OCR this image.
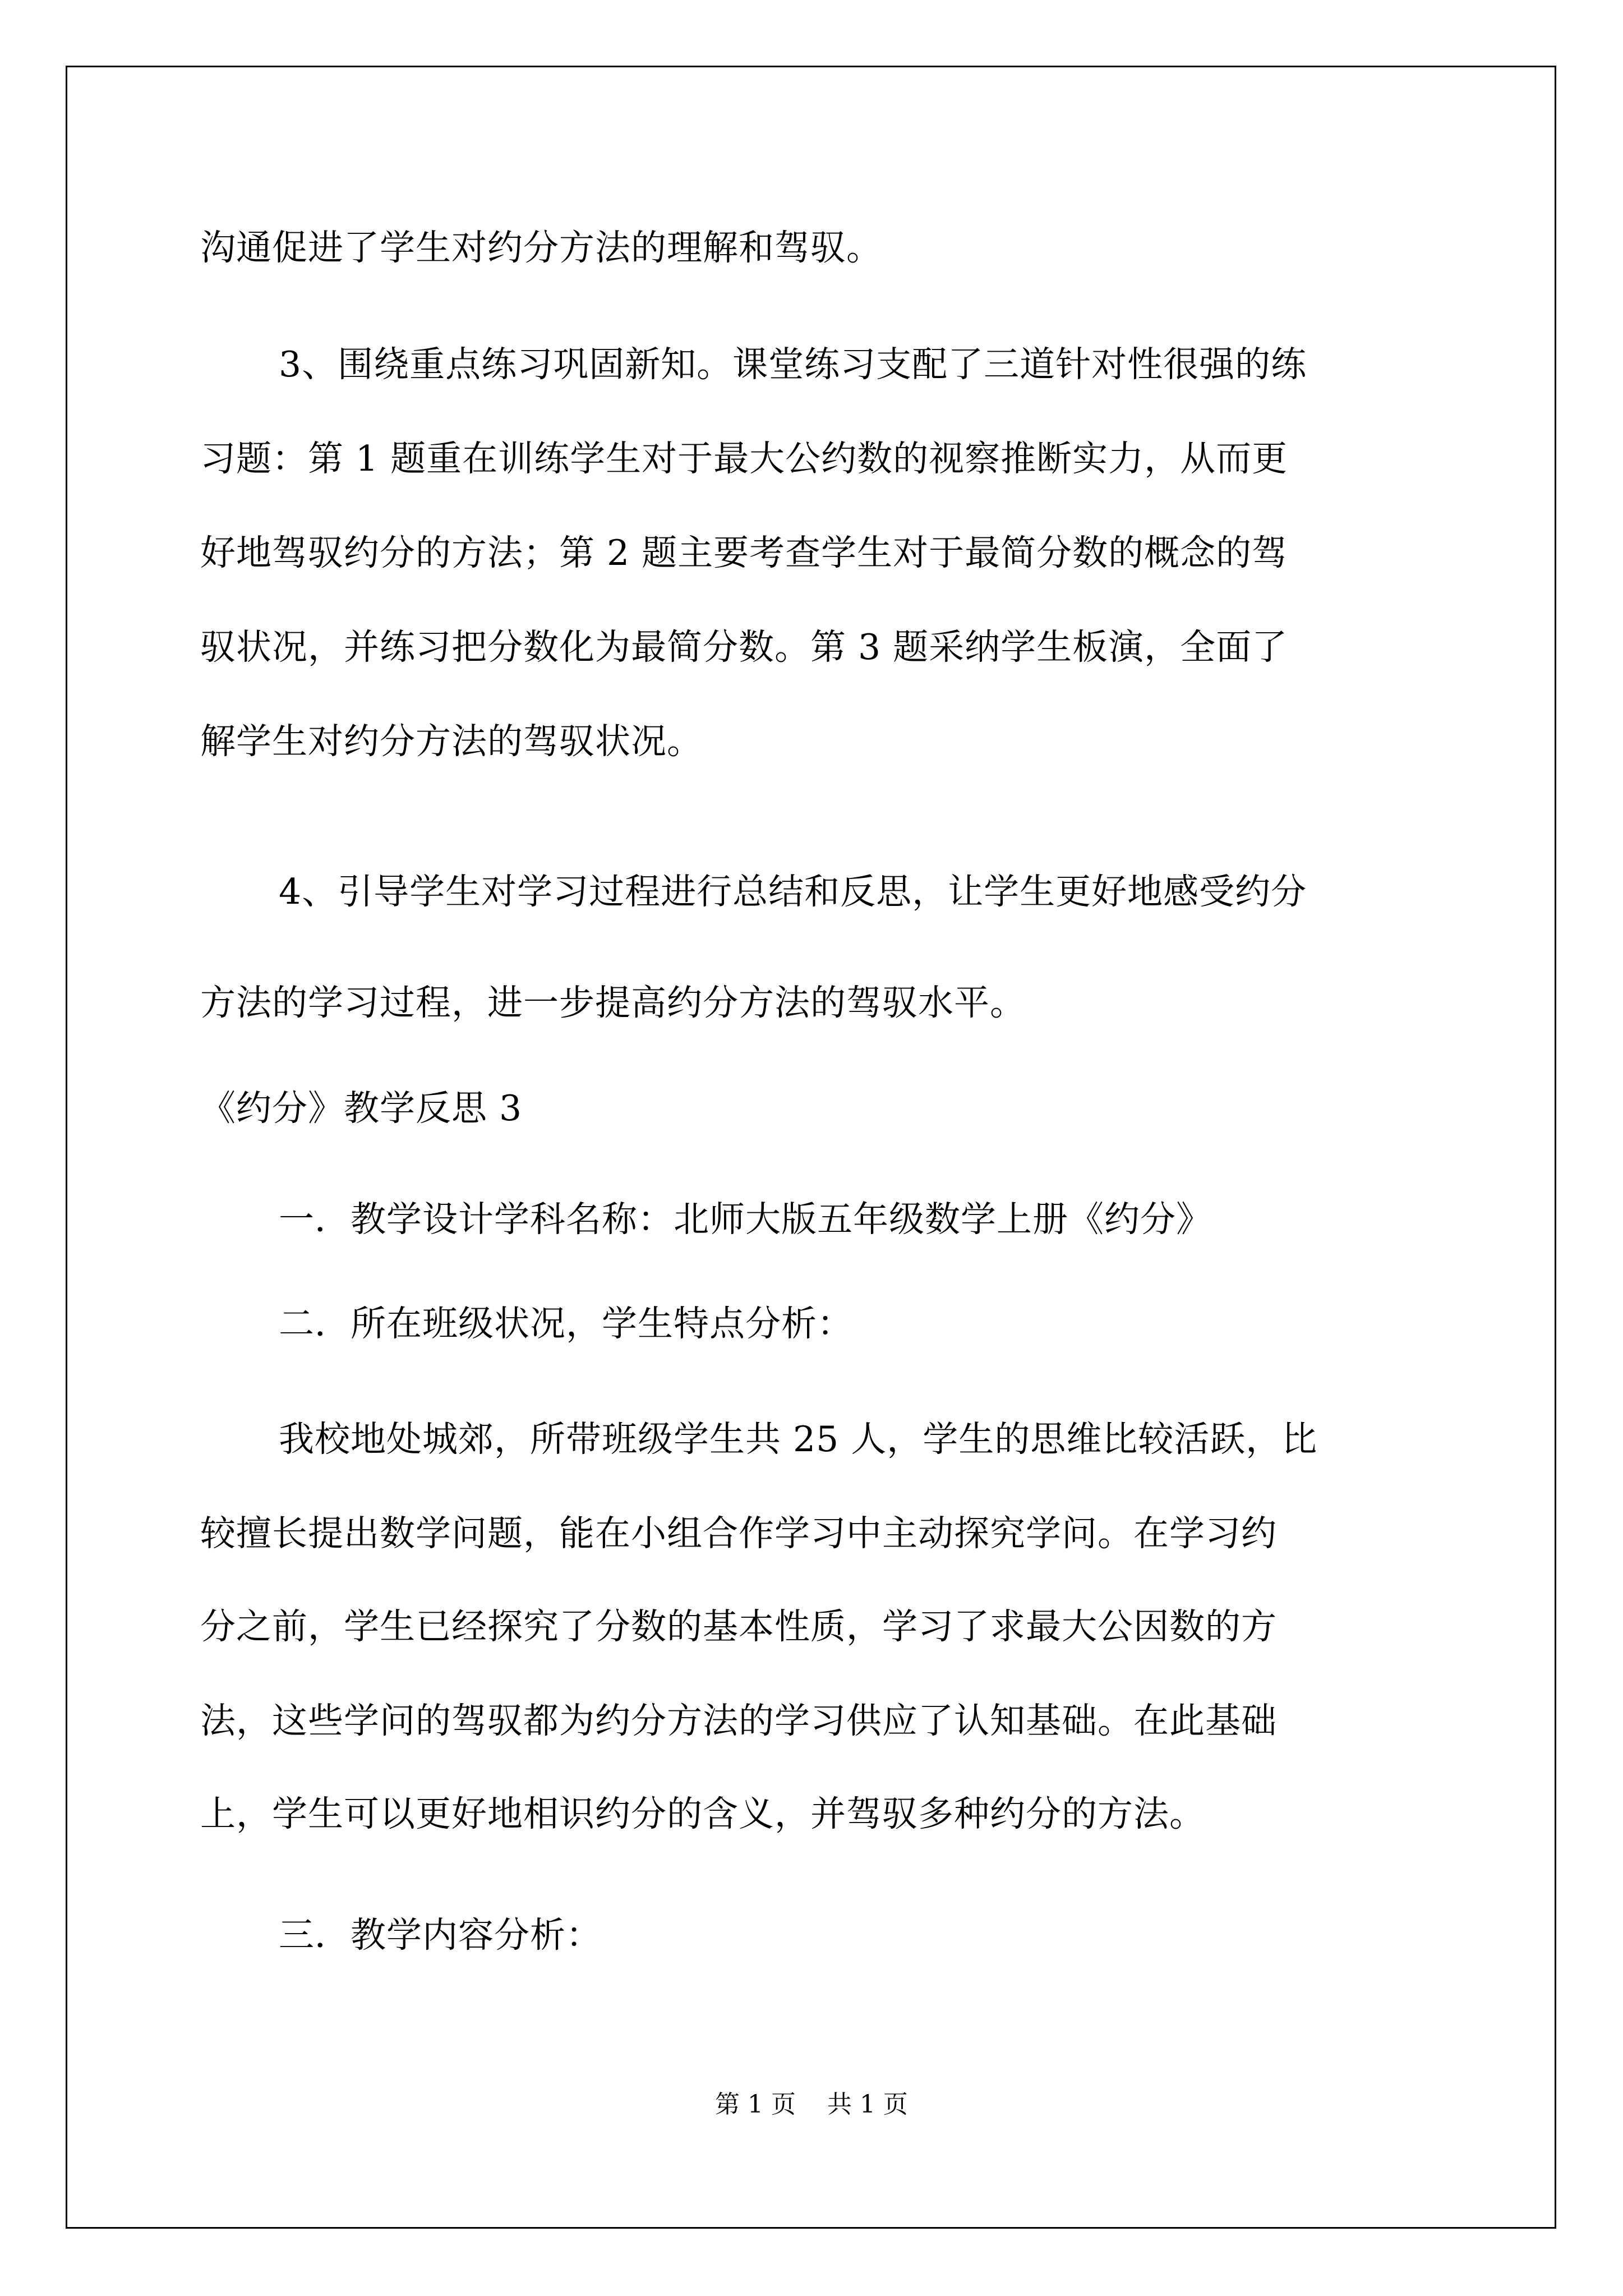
沟通促进了学生对约分方法的理解和驾驭。
3、围绕重点练习巩固新知。课堂练习支配了三道针对性很强的练
习题：第 1 题重在训练学生对于最大公约数的视察推断实力，从而更
好地驾驭约分的方法；第 2 题主要考查学生对于最简分数的概念的驾
驭状况，并练习把分数化为最简分数。第 3 题采纳学生板演，全面了
解学生对约分方法的驾驭状况。
4、引导学生对学习过程进行总结和反思，让学生更好地感受约分
方法的学习过程，进一步提高约分方法的驾驭水平。
《约分》教学反思 3
一．教学设计学科名称：北师大版五年级数学上册《约分》
二．所在班级状况，学生特点分析：
我校地处城郊，所带班级学生共 25 人，学生的思维比较活跃，比
较擅长提出数学问题，能在小组合作学习中主动探究学问。在学习约
分之前，学生已经探究了分数的基本性质，学习了求最大公因数的方
法，这些学问的驾驭都为约分方法的学习供应了认知基础。在此基础
上，学生可以更好地相识约分的含义，并驾驭多种约分的方法。
三．教学内容分析：
第 1 页    共 1 页
